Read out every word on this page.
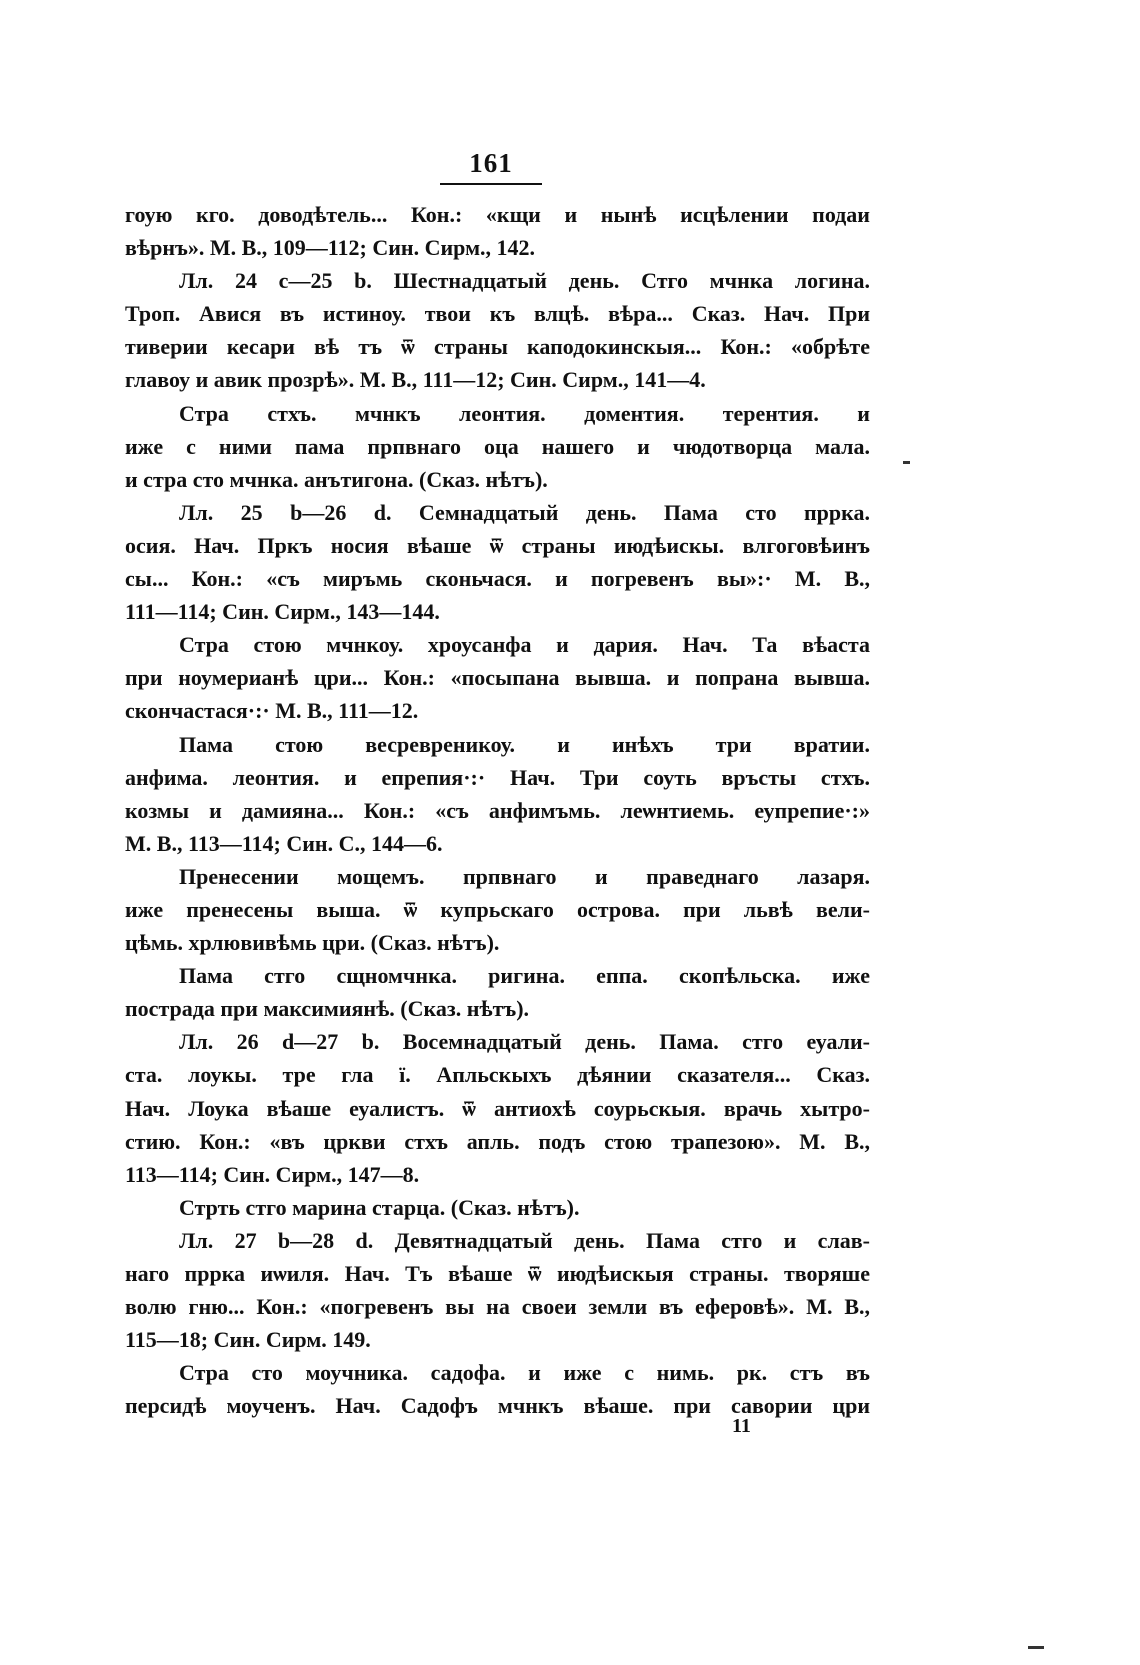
161
гоую кго. доводѣтель... Кон.: «кщи и нынѣ исцѣлении подаи
вѣрнъ». М. В., 109—112; Син. Сирм., 142.
Лл. 24 с—25 b. Шестнадцатый день. Стго мчнка логина.
Троп. Авися въ истиноу. твои къ влцѣ. вѣра... Сказ. Нач. При
тиверии кесари вѣ тъ ѿ страны каподокинскыя... Кон.: «обрѣте
главоу и авик прозрѣ». М. В., 111—12; Син. Сирм., 141—4.
Стра стхъ. мчнкъ леонтия. доментия. терентия. и
иже с ними пама прпвнаго оца нашего и чюдотворца мала.
и стра сто мчнка. анътигона. (Сказ. нѣтъ).
Лл. 25 b—26 d. Семнадцатый день. Пама сто пррка.
осия. Нач. Пркъ носия вѣаше ѿ страны июдѣискы. влгоговѣинъ
сы... Кон.: «съ миръмь сконьчася. и погревенъ вы»:· М. В.,
111—114; Син. Сирм., 143—144.
Стра стою мчнкоу. хроусанфа и дария. Нач. Та вѣаста
при ноумерианѣ цри... Кон.: «посыпана вывша. и попрана вывша.
скончастася·:· М. В., 111—12.
Пама стою весревреникоу. и инѣхъ три вратии.
анфима. леонтия. и епрепия·:· Нач. Три соуть връсты стхъ.
козмы и дамияна... Кон.: «съ анфимъмь. леѡнтиемь. еупрепие·:»
М. В., 113—114; Син. С., 144—6.
Пренесении мощемъ. прпвнаго и праведнаго лазаря.
иже пренесены выша. ѿ купрьскаго острова. при львѣ вели-
цѣмь. хрлювивѣмь цри. (Сказ. нѣтъ).
Пама стго сщномчнка. ригина. еппа. скопѣльска. иже
пострада при максимиянѣ. (Сказ. нѣтъ).
Лл. 26 d—27 b. Восемнадцатый день. Пама. стго еуали-
ста. лоукы. тре гла ї. Апльскыхъ дѣянии сказателя... Сказ.
Нач. Лоука вѣаше еуалистъ. ѿ антиохѣ соурьскыя. врачь хытро-
стию. Кон.: «въ цркви стхъ апль. подъ стою трапезою». М. В.,
113—114; Син. Сирм., 147—8.
Стрть стго марина старца. (Сказ. нѣтъ).
Лл. 27 b—28 d. Девятнадцатый день. Пама стго и слав-
наго пррка иѡиля. Нач. Тъ вѣаше ѿ июдѣискыя страны. творяше
волю гню... Кон.: «погревенъ вы на своеи земли въ еферовѣ». М. В.,
115—18; Син. Сирм. 149.
Стра сто моучника. садофа. и иже с нимь. рк. стъ въ
персидѣ моученъ. Нач. Садофъ мчнкъ вѣаше. при савории цри
11
